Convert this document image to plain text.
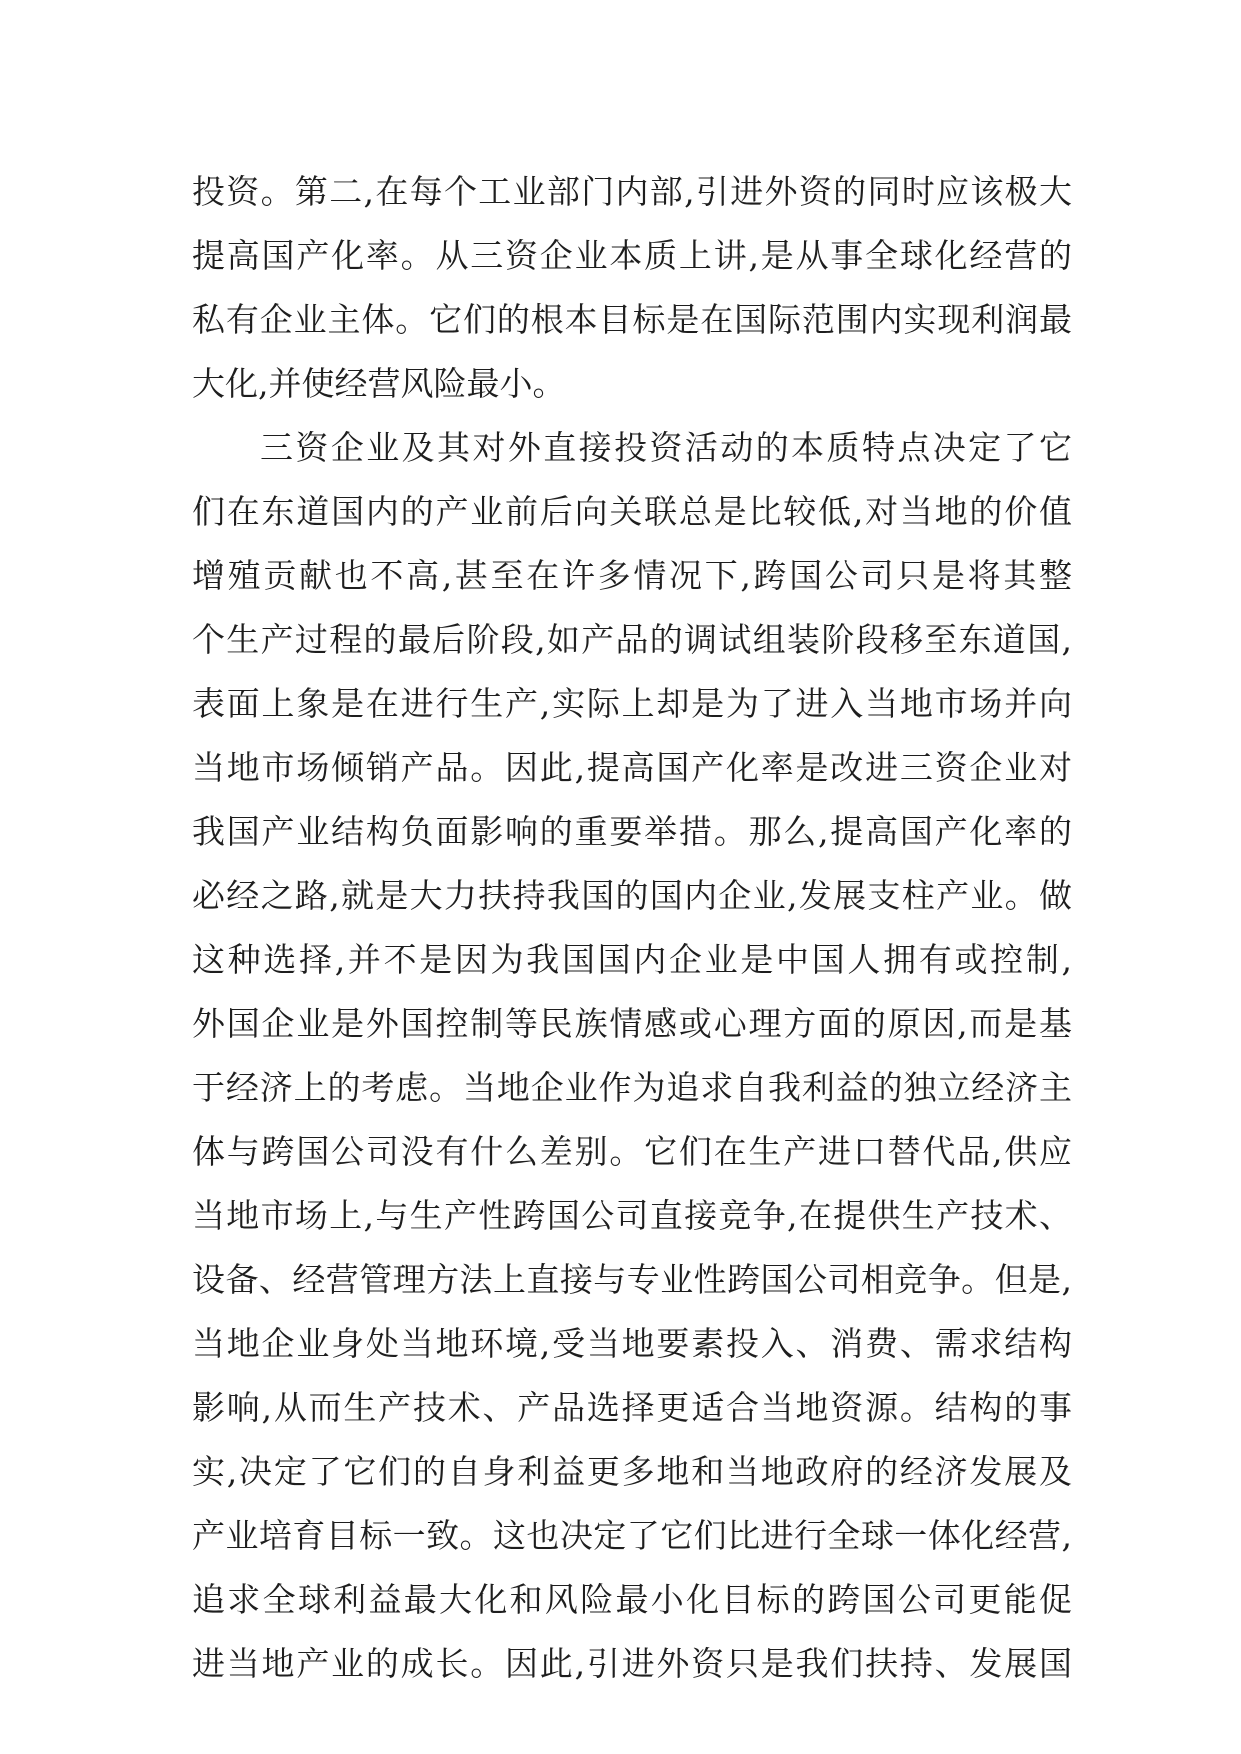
投资。第二,在每个工业部门内部,引进外资的同时应该极大
提高国产化率。从三资企业本质上讲,是从事全球化经营的
私有企业主体。它们的根本目标是在国际范围内实现利润最
大化,并使经营风险最小。
三资企业及其对外直接投资活动的本质特点决定了它
们在东道国内的产业前后向关联总是比较低,对当地的价值
增殖贡献也不高,甚至在许多情况下,跨国公司只是将其整
个生产过程的最后阶段,如产品的调试组装阶段移至东道国,
表面上象是在进行生产,实际上却是为了进入当地市场并向
当地市场倾销产品。因此,提高国产化率是改进三资企业对
我国产业结构负面影响的重要举措。那么,提高国产化率的
必经之路,就是大力扶持我国的国内企业,发展支柱产业。做
这种选择,并不是因为我国国内企业是中国人拥有或控制,
外国企业是外国控制等民族情感或心理方面的原因,而是基
于经济上的考虑。当地企业作为追求自我利益的独立经济主
体与跨国公司没有什么差别。它们在生产进口替代品,供应
当地市场上,与生产性跨国公司直接竞争,在提供生产技术、
设备、经营管理方法上直接与专业性跨国公司相竞争。但是,
当地企业身处当地环境,受当地要素投入、消费、需求结构
影响,从而生产技术、产品选择更适合当地资源。结构的事
实,决定了它们的自身利益更多地和当地政府的经济发展及
产业培育目标一致。这也决定了它们比进行全球一体化经营,
追求全球利益最大化和风险最小化目标的跨国公司更能促
进当地产业的成长。因此,引进外资只是我们扶持、发展国
